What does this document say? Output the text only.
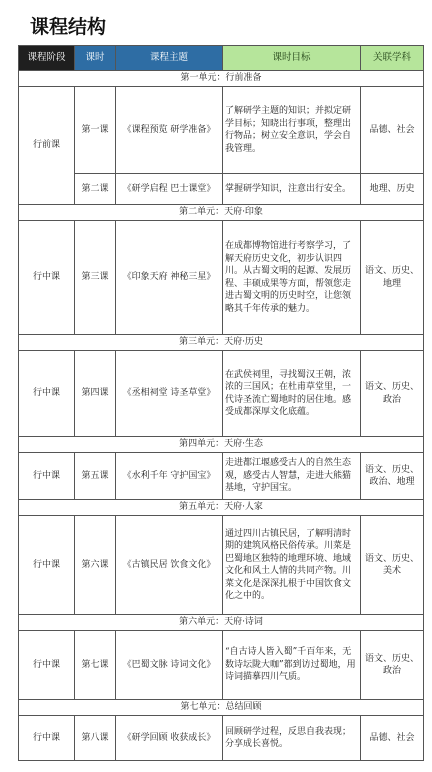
课程结构
课程阶段	课时	课程主题	课时目标	关联学科
第一单元：行前准备				
行前课	第一课	《课程预览 研学准备》	了解研学主题的知识；并拟定研学目标；知晓出行事项，整理出行物品；树立安全意识，学会自我管理。	品德、社会
	第二课	《研学启程 巴士课堂》	掌握研学知识，注意出行安全。	地理、历史
第二单元：天府·印象				
行中课	第三课	《印象天府 神秘三星》	在成都博物馆进行考察学习，了解天府历史文化，初步认识四川。从古蜀文明的起源、发展历程、丰硕成果等方面，帮领您走进古蜀文明的历史时空，让您领略其千年传承的魅力。	语文、历史、地理
第三单元：天府·历史				
行中课	第四课	《丞相祠堂 诗圣草堂》	在武侯祠里，寻找蜀汉王朝，浓浓的三国风；在杜甫草堂里，一代诗圣流亡蜀地时的居住地。感受成都深厚文化底蕴。	语文、历史、政治
第四单元：天府·生态				
行中课	第五课	《水利千年 守护国宝》	走进都江堰感受古人的自然生态观，感受古人智慧，走进大熊猫基地，守护国宝。	语文、历史、政治、地理
第五单元：天府·人家				
行中课	第六课	《古镇民居 饮食文化》	通过四川古镇民居，了解明清时期的建筑风格民俗传承。川菜是巴蜀地区独特的地理环境、地域文化和风土人情的共同产物。川菜文化是深深扎根于中国饮食文化之中的。	语文、历史、美术
第六单元：天府·诗词				
行中课	第七课	《巴蜀文脉 诗词文化》	“自古诗人皆入蜀”千百年来，无数诗坛陇大咖”都到访过蜀地，用诗词描摹四川气质。	语文、历史、政治
第七单元：总结回顾				
行中课	第八课	《研学回顾 收获成长》	回顾研学过程，反思自我表现；分享成长喜悦。	品德、社会
